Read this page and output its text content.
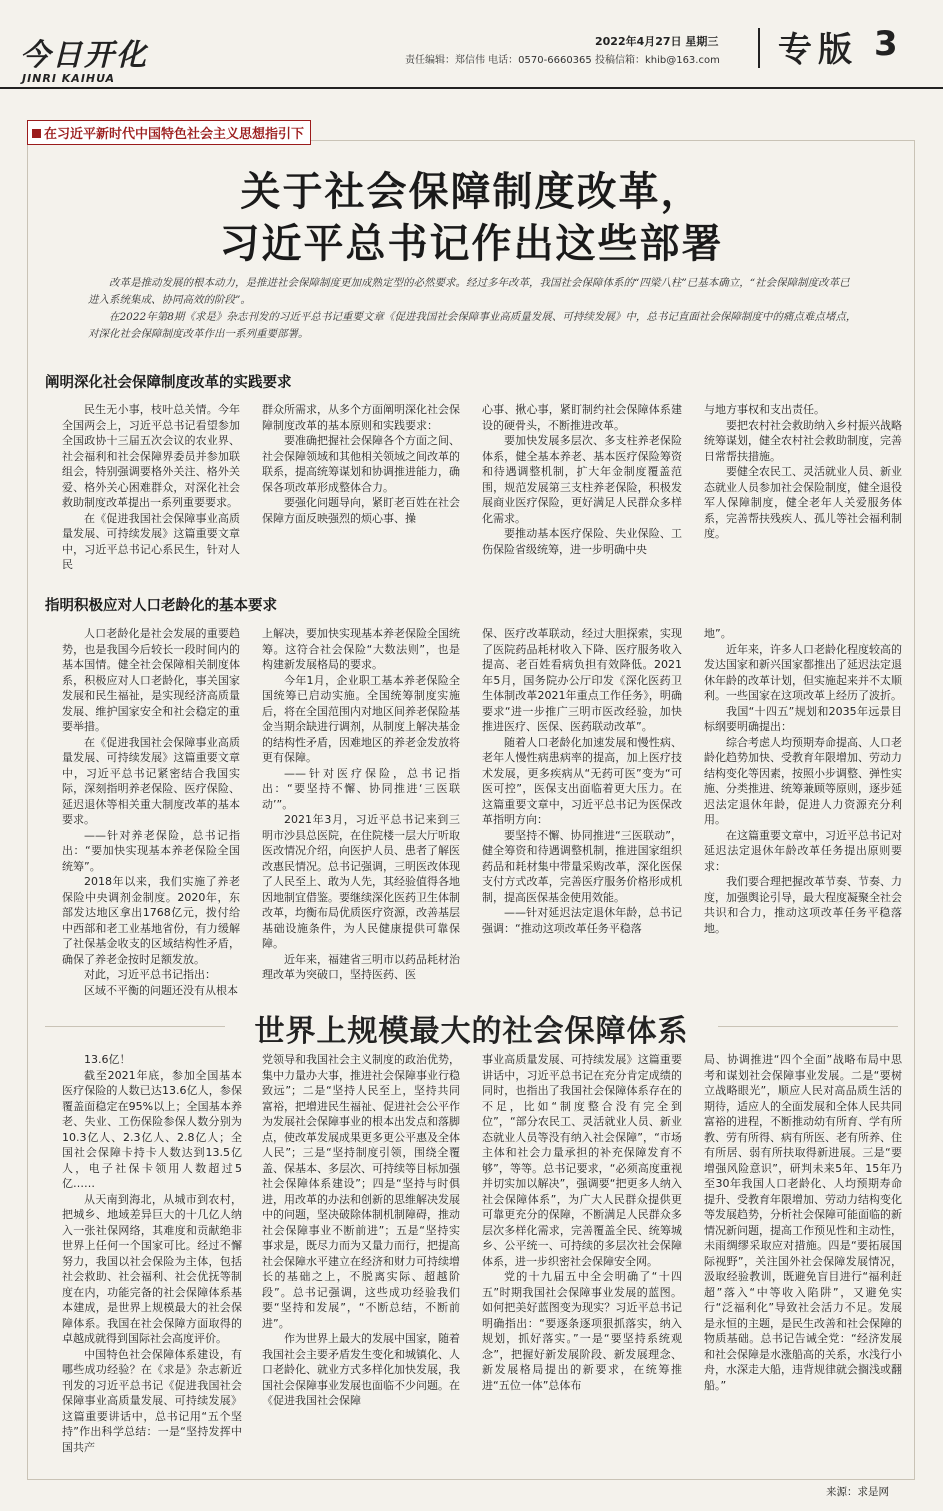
今日开化
JINRI KAIHUA
2022年4月27日 星期三
责任编辑：郑信伟 电话：0570-6660365 投稿信箱：khib@163.com 专版 3
在习近平新时代中国特色社会主义思想指引下
关于社会保障制度改革，
习近平总书记作出这些部署

改革是推动发展的根本动力，是推进社会保障制度更加成熟定型的必然要求。经过多年改革，我国社会保障体系的“四梁八柱”已基本确立，“社会保障制度改革已进入系统集成、协同高效的阶段”。

在2022年第8期《求是》杂志刊发的习近平总书记重要文章《促进我国社会保障事业高质量发展、可持续发展》中，总书记直面社会保障制度中的痛点难点堵点，对深化社会保障制度改革作出一系列重要部署。

阐明深化社会保障制度改革的实践要求

民生无小事，枝叶总关情。今年全国两会上，习近平总书记看望参加全国政协十三届五次会议的农业界、社会福利和社会保障界委员并参加联组会，特别强调要格外关注、格外关爱、格外关心困难群众，对深化社会救助制度改革提出一系列重要要求。

在《促进我国社会保障事业高质量发展、可持续发展》这篇重要文章中，习近平总书记心系民生，针对人民

群众所需求，从多个方面阐明深化社会保障制度改革的基本原则和实践要求：

要准确把握社会保障各个方面之间、社会保障领域和其他相关领域之间改革的联系，提高统筹谋划和协调推进能力，确保各项改革形成整体合力。

要强化问题导向，紧盯老百姓在社会保障方面反映强烈的烦心事、操

心事、揪心事，紧盯制约社会保障体系建设的硬骨头，不断推进改革。

要加快发展多层次、多支柱养老保险体系，健全基本养老、基本医疗保险筹资和待遇调整机制，扩大年金制度覆盖范围，规范发展第三支柱养老保险，积极发展商业医疗保险，更好满足人民群众多样化需求。

要推动基本医疗保险、失业保险、工伤保险省级统筹，进一步明确中央

与地方事权和支出责任。

要把农村社会救助纳入乡村振兴战略统筹谋划，健全农村社会救助制度，完善日常帮扶措施。

要健全农民工、灵活就业人员、新业态就业人员参加社会保险制度，健全退役军人保障制度，健全老年人关爱服务体系，完善帮扶残疾人、孤儿等社会福利制度。

指明积极应对人口老龄化的基本要求

人口老龄化是社会发展的重要趋势，也是我国今后较长一段时间内的基本国情。健全社会保障相关制度体系，积极应对人口老龄化，事关国家发展和民生福祉，是实现经济高质量发展、维护国家安全和社会稳定的重要举措。

在《促进我国社会保障事业高质量发展、可持续发展》这篇重要文章中，习近平总书记紧密结合我国实际，深刻指明养老保险、医疗保险、延迟退休等相关重大制度改革的基本要求。

——针对养老保险，总书记指出：“要加快实现基本养老保险全国统筹”。

2018年以来，我们实施了养老保险中央调剂金制度。2020年，东部发达地区拿出1768亿元，拨付给中西部和老工业基地省份，有力缓解了社保基金收支的区域结构性矛盾，确保了养老金按时足额发放。

对此，习近平总书记指出：

区域不平衡的问题还没有从根本

上解决，要加快实现基本养老保险全国统筹。这符合社会保险“大数法则”，也是构建新发展格局的要求。

今年1月，企业职工基本养老保险全国统筹已启动实施。全国统筹制度实施后，将在全国范围内对地区间养老保险基金当期余缺进行调剂，从制度上解决基金的结构性矛盾，因难地区的养老金发放将更有保障。

——针对医疗保险，总书记指出：“要坚持不懈、协同推进‘三医联动’”。

2021年3月，习近平总书记来到三明市沙县总医院，在住院楼一层大厅听取医改情况介绍，向医护人员、患者了解医改惠民情况。总书记强调，三明医改体现了人民至上、敢为人先，其经验值得各地因地制宜借鉴。要继续深化医药卫生体制改革，均衡布局优质医疗资源，改善基层基础设施条件，为人民健康提供可靠保障。

近年来，福建省三明市以药品耗材治理改革为突破口，坚持医药、医

保、医疗改革联动，经过大胆探索，实现了医院药品耗材收入下降、医疗服务收入提高、老百姓看病负担有效降低。2021年5月，国务院办公厅印发《深化医药卫生体制改革2021年重点工作任务》，明确要求“进一步推广三明市医改经验，加快推进医疗、医保、医药联动改革”。

随着人口老龄化加速发展和慢性病、老年人慢性病患病率的提高，加上医疗技术发展，更多疾病从“无药可医”变为“可医可控”，医保支出面临着更大压力。在这篇重要文章中，习近平总书记为医保改革指明方向：

要坚持不懈、协同推进“三医联动”，健全筹资和待遇调整机制，推进国家组织药品和耗材集中带量采购改革，深化医保支付方式改革，完善医疗服务价格形成机制，提高医保基金使用效能。

——针对延迟法定退休年龄，总书记强调：“推动这项改革任务平稳落

地”。

近年来，许多人口老龄化程度较高的发达国家和新兴国家都推出了延迟法定退休年龄的改革计划，但实施起来并不太顺利。一些国家在这项改革上经历了波折。

我国“十四五”规划和2035年远景目标纲要明确提出：

综合考虑人均预期寿命提高、人口老龄化趋势加快、受教育年限增加、劳动力结构变化等因素，按照小步调整、弹性实施、分类推进、统筹兼顾等原则，逐步延迟法定退休年龄，促进人力资源充分利用。

在这篇重要文章中，习近平总书记对延迟法定退休年龄改革任务提出原则要求：

我们要合理把握改革节奏、节奏、力度，加强舆论引导，最大程度凝聚全社会共识和合力，推动这项改革任务平稳落地。

世界上规模最大的社会保障体系

13.6亿！

截至2021年底，参加全国基本医疗保险的人数已达13.6亿人，参保覆盖面稳定在95%以上；全国基本养老、失业、工伤保险参保人数分别为10.3亿人、2.3亿人、2.8亿人；全国社会保障卡持卡人数达到13.5亿人，电子社保卡领用人数超过5亿……

从天南到海北，从城市到农村，把城乡、地域差异巨大的十几亿人纳入一张社保网络，其难度和贡献绝非世界上任何一个国家可比。经过不懈努力，我国以社会保险为主体，包括社会救助、社会福利、社会优抚等制度在内，功能完备的社会保障体系基本建成，是世界上规模最大的社会保障体系。我国在社会保障方面取得的卓越成就得到国际社会高度评价。

中国特色社会保障体系建设，有哪些成功经验？在《求是》杂志新近刊发的习近平总书记《促进我国社会保障事业高质量发展、可持续发展》这篇重要讲话中，总书记用“五个坚持”作出科学总结：一是“坚持发挥中国共产

党领导和我国社会主义制度的政治优势，集中力量办大事，推进社会保障事业行稳致远”；二是“坚持人民至上，坚持共同富裕，把增进民生福祉、促进社会公平作为发展社会保障事业的根本出发点和落脚点，使改革发展成果更多更公平惠及全体人民”；三是“坚持制度引领，围绕全覆盖、保基本、多层次、可持续等目标加强社会保障体系建设”；四是“坚持与时俱进，用改革的办法和创新的思维解决发展中的问题，坚决破除体制机制障碍，推动社会保障事业不断前进”；五是“坚持实事求是，既尽力而为又量力而行，把提高社会保障水平建立在经济和财力可持续增长的基础之上，不脱离实际、超越阶段”。总书记强调，这些成功经验我们要“坚持和发展”，“不断总结，不断前进”。

作为世界上最大的发展中国家，随着我国社会主要矛盾发生变化和城镇化、人口老龄化、就业方式多样化加快发展，我国社会保障事业发展也面临不少问题。在《促进我国社会保障

事业高质量发展、可持续发展》这篇重要讲话中，习近平总书记在充分肯定成绩的同时，也指出了我国社会保障体系存在的不足，比如“制度整合没有完全到位”，“部分农民工、灵活就业人员、新业态就业人员等没有纳入社会保障”，“市场主体和社会力量承担的补充保障发育不够”，等等。总书记要求，“必须高度重视并切实加以解决”，强调要“把更多人纳入社会保障体系”，为广大人民群众提供更可靠更充分的保障，不断满足人民群众多层次多样化需求，完善覆盖全民、统筹城乡、公平统一、可持续的多层次社会保障体系，进一步织密社会保障安全网。

党的十九届五中全会明确了“十四五”时期我国社会保障事业发展的蓝图。如何把美好蓝图变为现实？习近平总书记明确指出：“要逐条逐项狠抓落实，纳入规划，抓好落实。”一是“要坚持系统观念”，把握好新发展阶段、新发展理念、新发展格局提出的新要求，在统筹推进“五位一体”总体布

局、协调推进“四个全面”战略布局中思考和谋划社会保障事业发展。二是“要树立战略眼光”，顺应人民对高品质生活的期待，适应人的全面发展和全体人民共同富裕的进程，不断推动幼有所育、学有所教、劳有所得、病有所医、老有所养、住有所居、弱有所扶取得新进展。三是“要增强风险意识”，研判未来5年、15年乃至30年我国人口老龄化、人均预期寿命提升、受教育年限增加、劳动力结构变化等发展趋势，分析社会保障可能面临的新情况新问题，提高工作预见性和主动性，未雨绸缪采取应对措施。四是“要拓展国际视野”，关注国外社会保障发展情况，汲取经验教训，既避免盲目进行“福利赶超”落入“中等收入陷阱”，又避免实行“泛福利化”导致社会活力不足。发展是永恒的主题，是民生改善和社会保障的物质基础。总书记告诫全党：“经济发展和社会保障是水涨船高的关系，水浅行小舟，水深走大船，违背规律就会搁浅或翻船。”

来源：求是网
